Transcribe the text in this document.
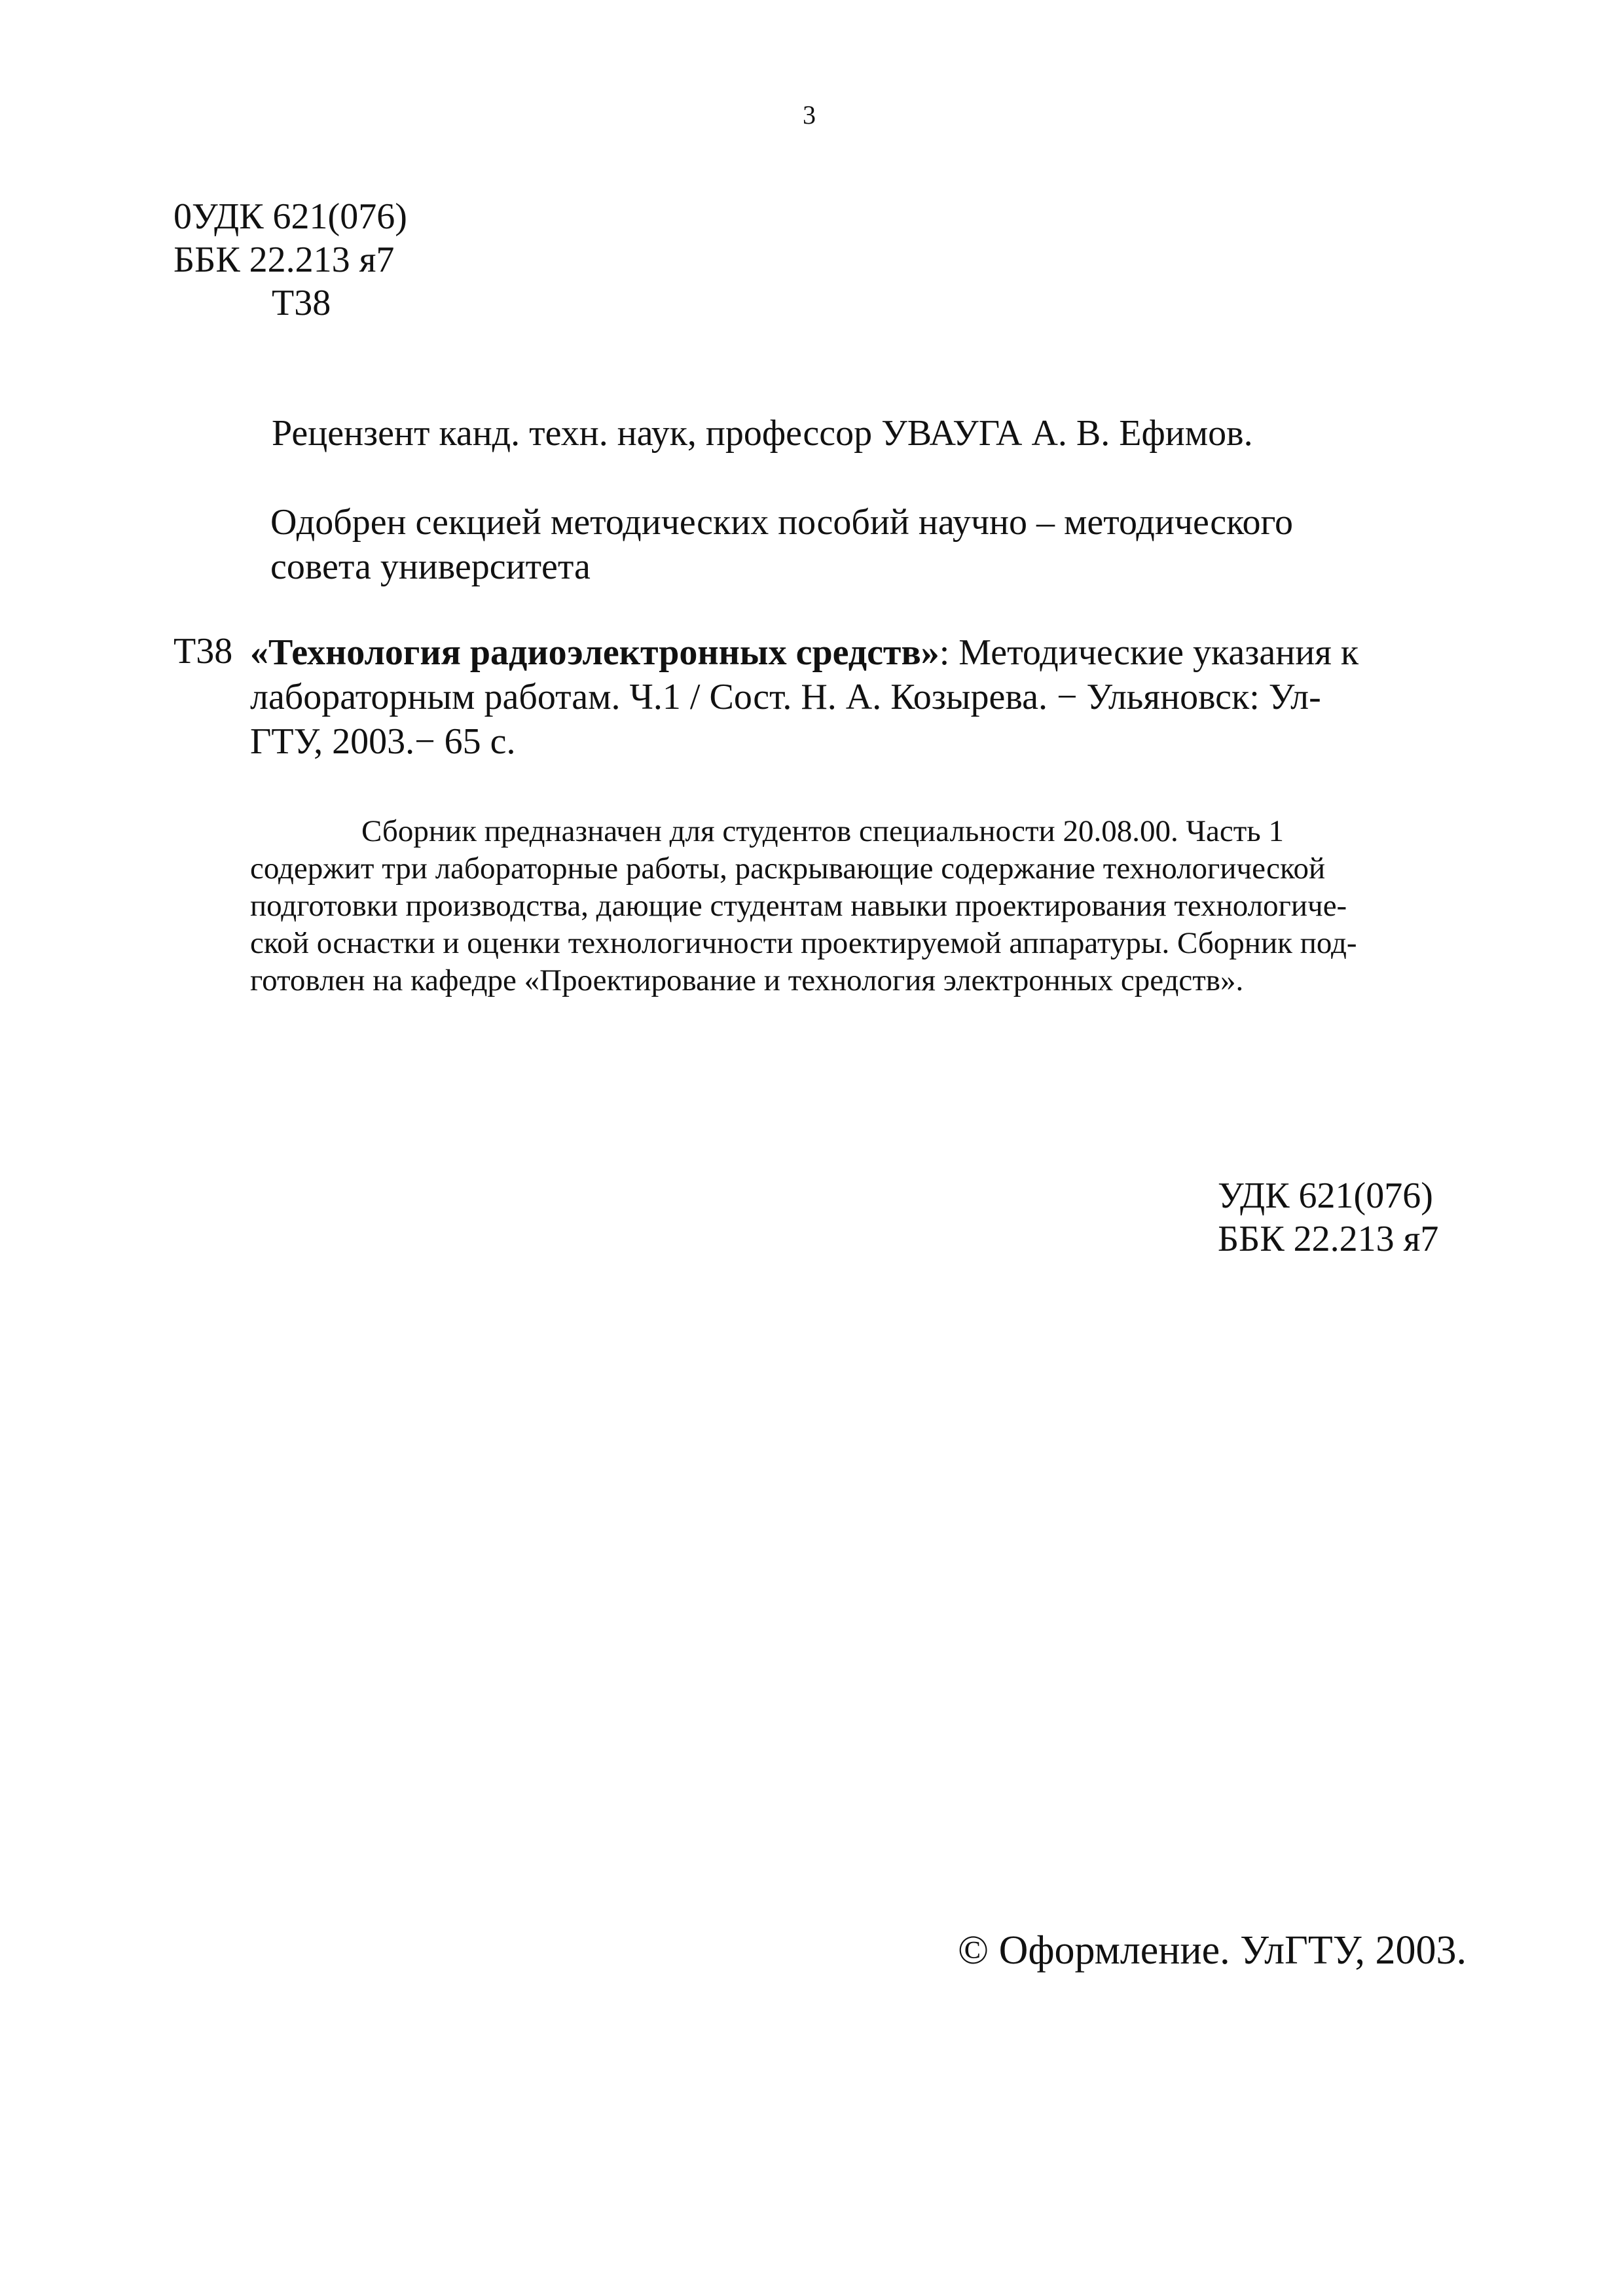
3
0УДК 621(076)
ББК 22.213 я7
Т38
Рецензент канд. техн. наук, профессор УВАУГА А. В. Ефимов.
Одобрен секцией методических пособий научно – методического
совета университета
Т38 «Технология радиоэлектронных средств»: Методические указания к
лабораторным работам. Ч.1 / Сост. Н. А. Козырева. − Ульяновск: Ул-
ГТУ, 2003.− 65 с.
Сборник предназначен для студентов специальности 20.08.00. Часть 1
содержит три лабораторные работы, раскрывающие содержание технологической
подготовки производства, дающие студентам навыки проектирования технологиче-
ской оснастки и оценки технологичности проектируемой аппаратуры. Сборник под-
готовлен на кафедре «Проектирование и технология электронных средств».
УДК 621(076)
ББК 22.213 я7
© Оформление. УлГТУ, 2003.
